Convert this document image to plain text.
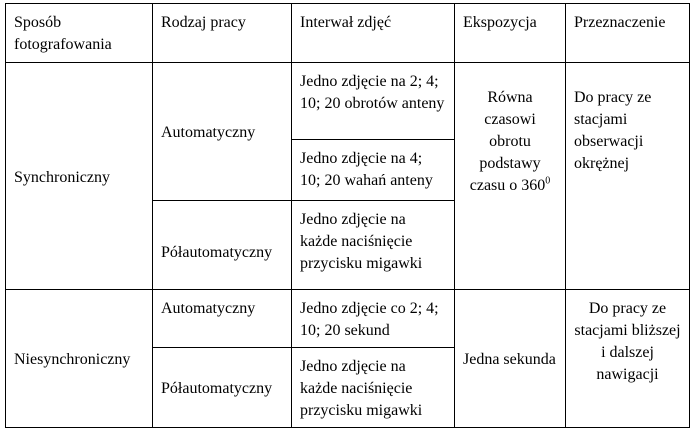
Sposób fotografowania	Rodzaj pracy	Interwał zdjęć	Ekspozycja	Przeznaczenie
Synchroniczny	Automatyczny	Jedno zdjęcie na 2; 4; 10; 20 obrotów anteny	Równa czasowi obrotu podstawy czasu o $360^0$	Do pracy ze stacjami obserwacji okrężnej
		Jedno zdjęcie na 4; 10; 20 wahań anteny		
	Półautomatyczny	Jedno zdjęcie na każde naciśnięcie przycisku migawki		
Niesynchroniczny	Automatyczny	Jedno zdjęcie co 2; 4; 10; 20 sekund	Jedna sekunda	Do pracy ze stacjami bliższej i dalszej nawigacji
	Półautomatyczny	Jedno zdjęcie na każde naciśnięcie przycisku migawki		
